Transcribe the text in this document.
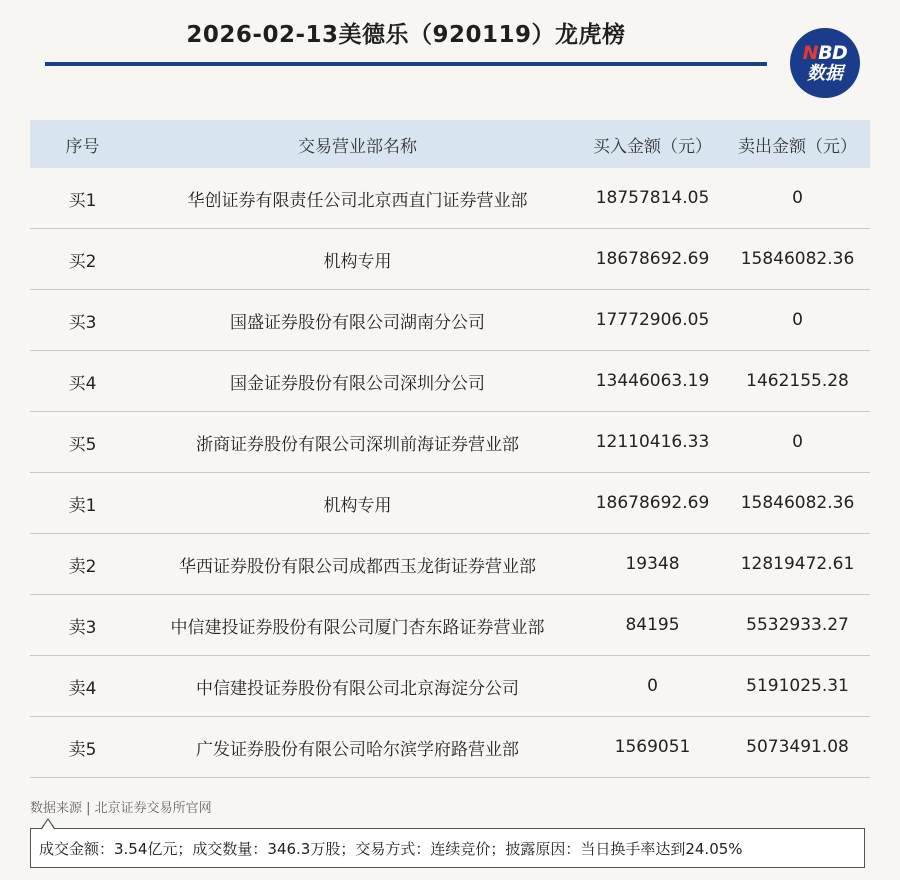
2026-02-13美德乐（920119）龙虎榜
NBD
数据
序号	交易营业部名称	买入金额（元）	卖出金额（元）
买1	华创证券有限责任公司北京西直门证券营业部	18757814.05	0
买2	机构专用	18678692.69	15846082.36
买3	国盛证券股份有限公司湖南分公司	17772906.05	0
买4	国金证券股份有限公司深圳分公司	13446063.19	1462155.28
买5	浙商证券股份有限公司深圳前海证券营业部	12110416.33	0
卖1	机构专用	18678692.69	15846082.36
卖2	华西证券股份有限公司成都西玉龙街证券营业部	19348	12819472.61
卖3	中信建投证券股份有限公司厦门杏东路证券营业部	84195	5532933.27
卖4	中信建投证券股份有限公司北京海淀分公司	0	5191025.31
卖5	广发证券股份有限公司哈尔滨学府路营业部	1569051	5073491.08
数据来源 | 北京证券交易所官网
成交金额：3.54亿元；成交数量：346.3万股；交易方式：连续竞价；披露原因：当日换手率达到24.05%
